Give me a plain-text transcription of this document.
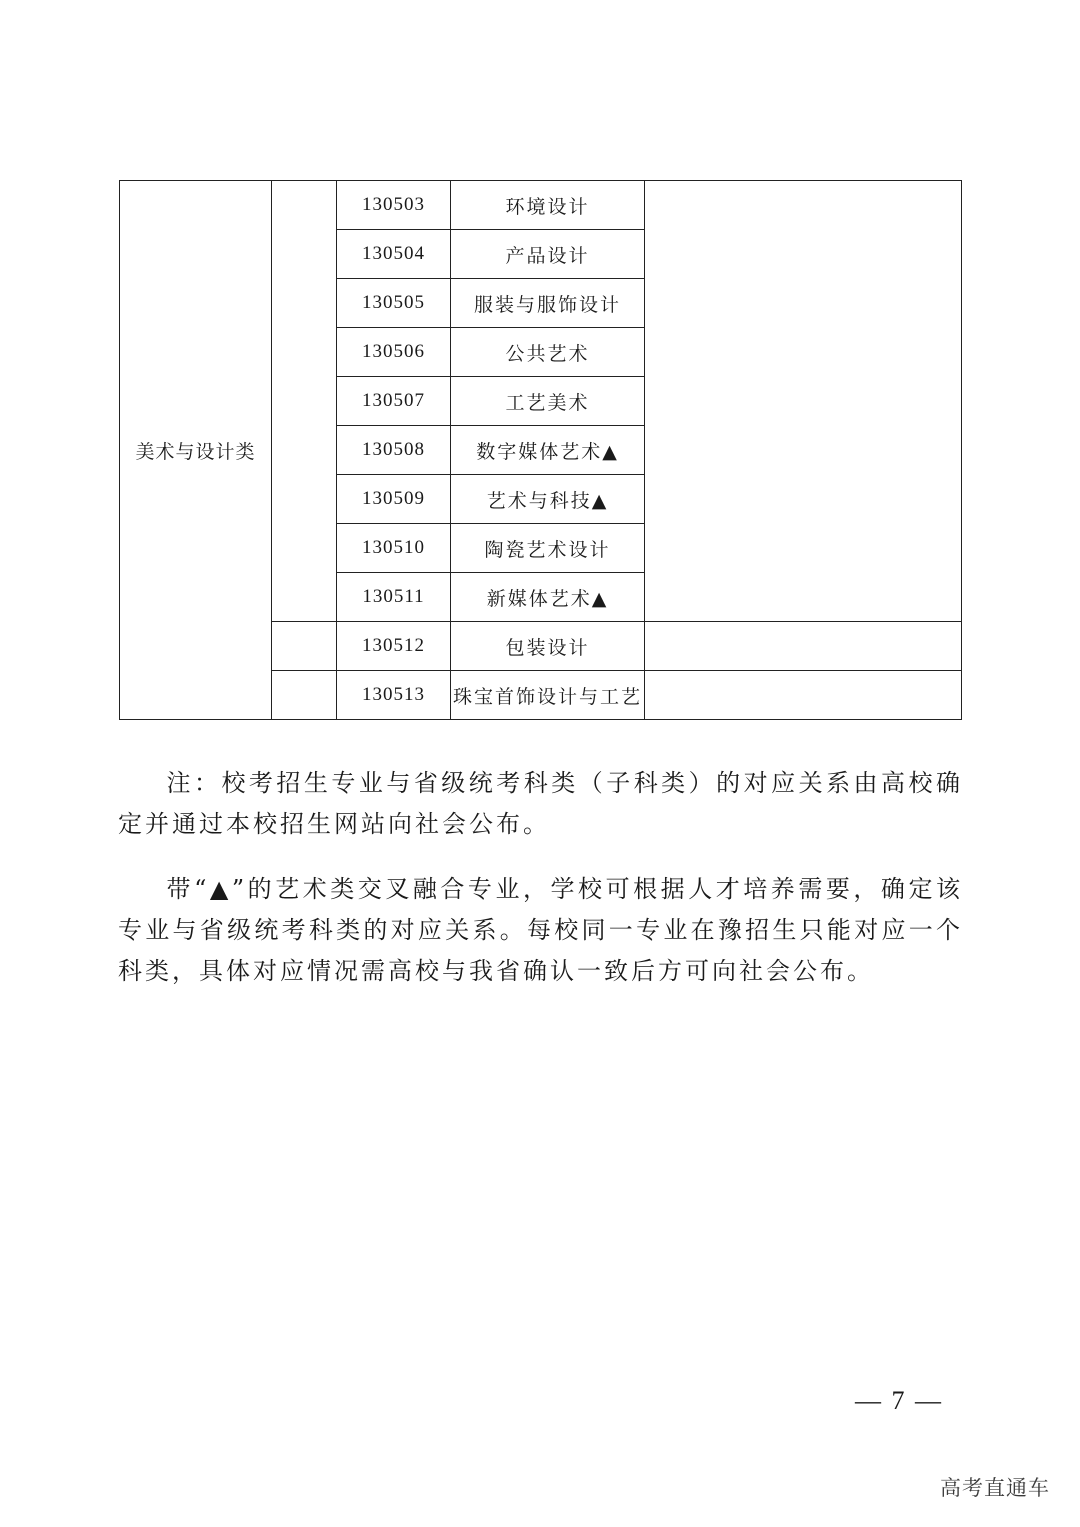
美术与设计类		130503	环境设计	
		130504	产品设计	
		130505	服装与服饰设计	
		130506	公共艺术	
		130507	工艺美术	
		130508	数字媒体艺术▲	
		130509	艺术与科技▲	
		130510	陶瓷艺术设计	
		130511	新媒体艺术▲	
		130512	包装设计	
		130513	珠宝首饰设计与工艺	

注：校考招生专业与省级统考科类（子科类）的对应关系由高校确定并通过本校招生网站向社会公布。

带“▲”的艺术类交叉融合专业，学校可根据人才培养需要，确定该专业与省级统考科类的对应关系。每校同一专业在豫招生只能对应一个科类，具体对应情况需高校与我省确认一致后方可向社会公布。

— 7 —
高考直通车
